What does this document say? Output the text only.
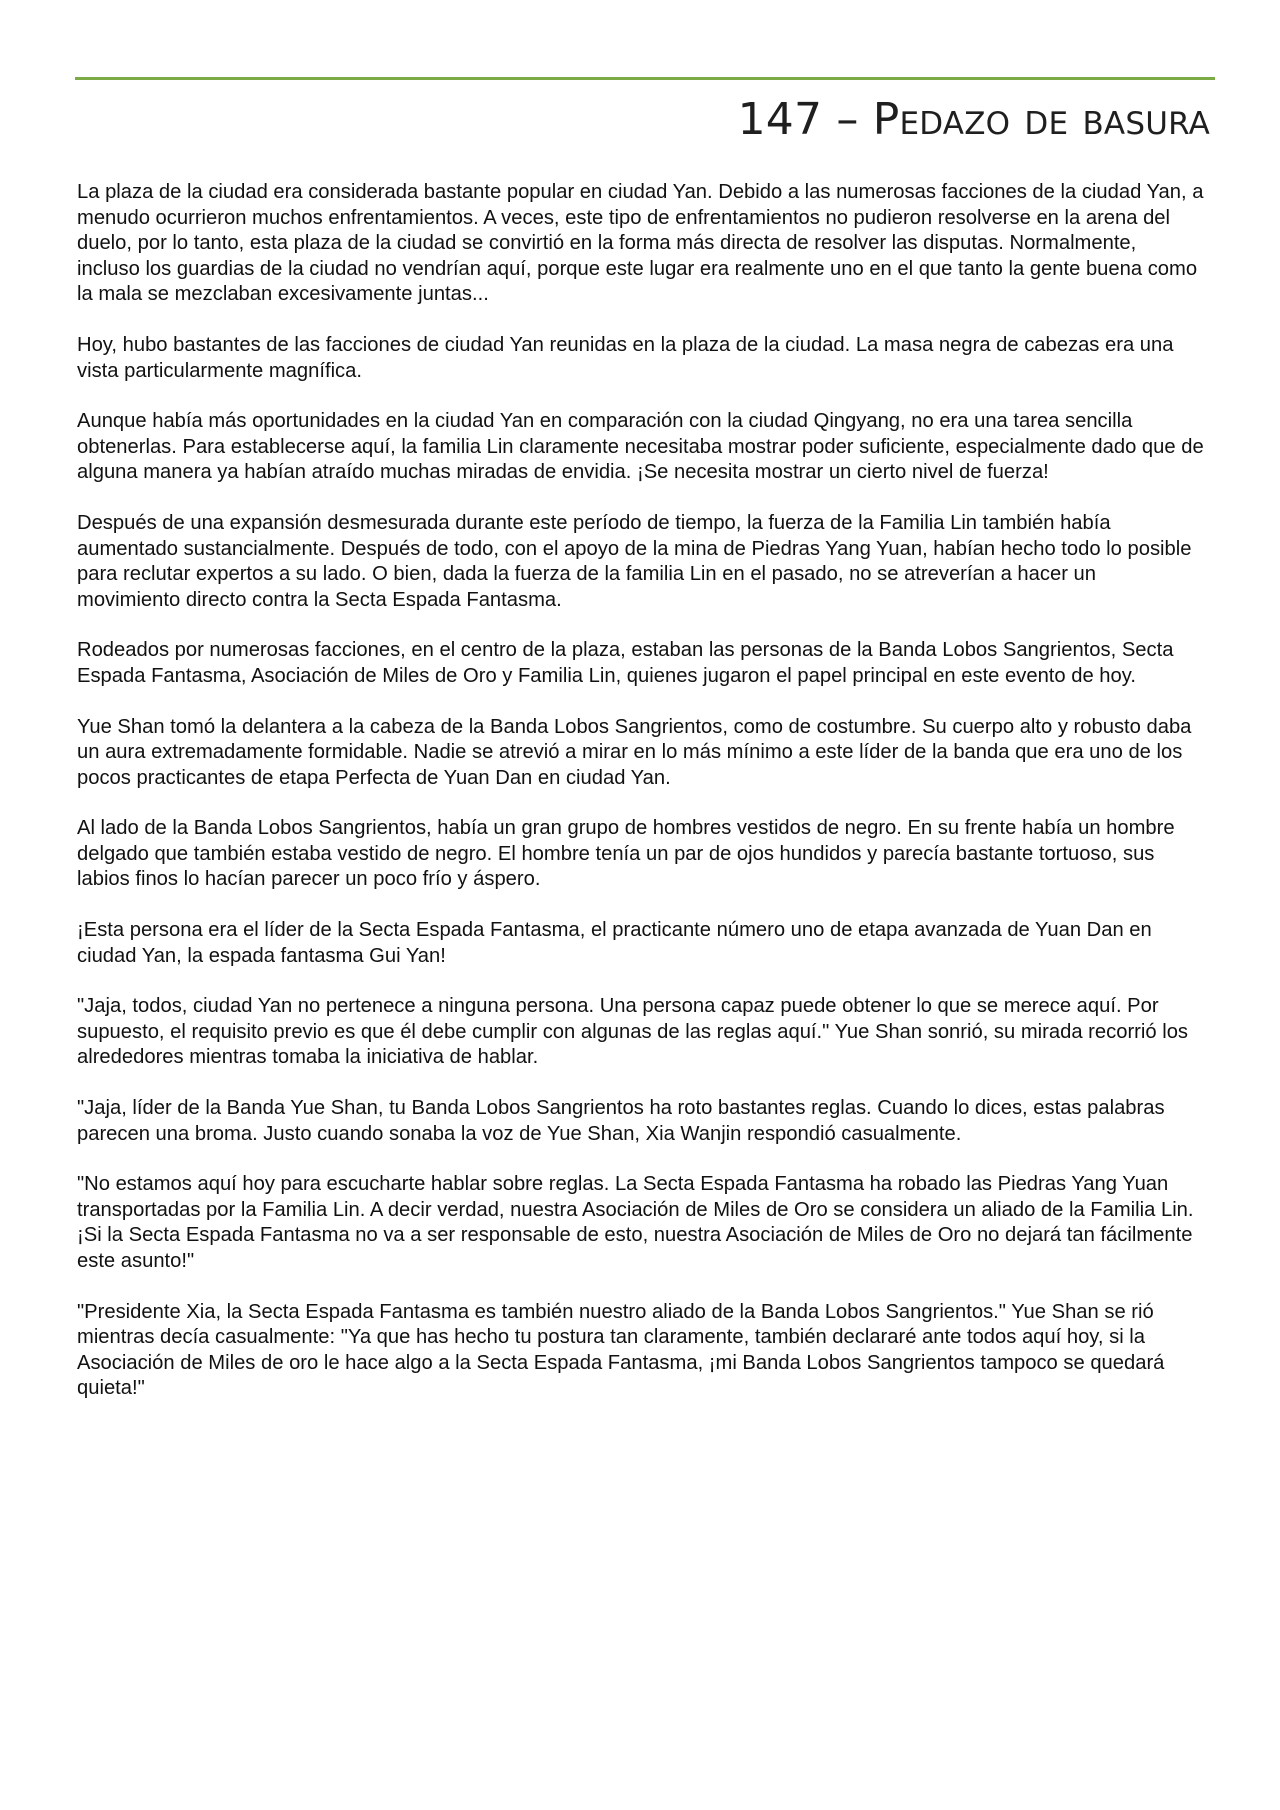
147 – Pedazo de basura

La plaza de la ciudad era considerada bastante popular en ciudad Yan. Debido a las numerosas facciones de la ciudad Yan, a menudo ocurrieron muchos enfrentamientos. A veces, este tipo de enfrentamientos no pudieron resolverse en la arena del duelo, por lo tanto, esta plaza de la ciudad se convirtió en la forma más directa de resolver las disputas. Normalmente, incluso los guardias de la ciudad no vendrían aquí, porque este lugar era realmente uno en el que tanto la gente buena como la mala se mezclaban excesivamente juntas...

Hoy, hubo bastantes de las facciones de ciudad Yan reunidas en la plaza de la ciudad. La masa negra de cabezas era una vista particularmente magnífica.

Aunque había más oportunidades en la ciudad Yan en comparación con la ciudad Qingyang, no era una tarea sencilla obtenerlas. Para establecerse aquí, la familia Lin claramente necesitaba mostrar poder suficiente, especialmente dado que de alguna manera ya habían atraído muchas miradas de envidia. ¡Se necesita mostrar un cierto nivel de fuerza!

Después de una expansión desmesurada durante este período de tiempo, la fuerza de la Familia Lin también había aumentado sustancialmente. Después de todo, con el apoyo de la mina de Piedras Yang Yuan, habían hecho todo lo posible para reclutar expertos a su lado. O bien, dada la fuerza de la familia Lin en el pasado, no se atreverían a hacer un movimiento directo contra la Secta Espada Fantasma.

Rodeados por numerosas facciones, en el centro de la plaza, estaban las personas de la Banda Lobos Sangrientos, Secta Espada Fantasma, Asociación de Miles de Oro y Familia Lin, quienes jugaron el papel principal en este evento de hoy.

Yue Shan tomó la delantera a la cabeza de la Banda Lobos Sangrientos, como de costumbre. Su cuerpo alto y robusto daba un aura extremadamente formidable. Nadie se atrevió a mirar en lo más mínimo a este líder de la banda que era uno de los pocos practicantes de etapa Perfecta de Yuan Dan en ciudad Yan.

Al lado de la Banda Lobos Sangrientos, había un gran grupo de hombres vestidos de negro. En su frente había un hombre delgado que también estaba vestido de negro. El hombre tenía un par de ojos hundidos y parecía bastante tortuoso, sus labios finos lo hacían parecer un poco frío y áspero.

¡Esta persona era el líder de la Secta Espada Fantasma, el practicante número uno de etapa avanzada de Yuan Dan en ciudad Yan, la espada fantasma Gui Yan!

"Jaja, todos, ciudad Yan no pertenece a ninguna persona. Una persona capaz puede obtener lo que se merece aquí. Por supuesto, el requisito previo es que él debe cumplir con algunas de las reglas aquí." Yue Shan sonrió, su mirada recorrió los alrededores mientras tomaba la iniciativa de hablar.

"Jaja, líder de la Banda Yue Shan, tu Banda Lobos Sangrientos ha roto bastantes reglas. Cuando lo dices, estas palabras parecen una broma. Justo cuando sonaba la voz de Yue Shan, Xia Wanjin respondió casualmente.

"No estamos aquí hoy para escucharte hablar sobre reglas. La Secta Espada Fantasma ha robado las Piedras Yang Yuan transportadas por la Familia Lin. A decir verdad, nuestra Asociación de Miles de Oro se considera un aliado de la Familia Lin. ¡Si la Secta Espada Fantasma no va a ser responsable de esto, nuestra Asociación de Miles de Oro no dejará tan fácilmente este asunto!"

"Presidente Xia, la Secta Espada Fantasma es también nuestro aliado de la Banda Lobos Sangrientos." Yue Shan se rió mientras decía casualmente: "Ya que has hecho tu postura tan claramente, también declararé ante todos aquí hoy, si la Asociación de Miles de oro le hace algo a la Secta Espada Fantasma, ¡mi Banda Lobos Sangrientos tampoco se quedará quieta!"
